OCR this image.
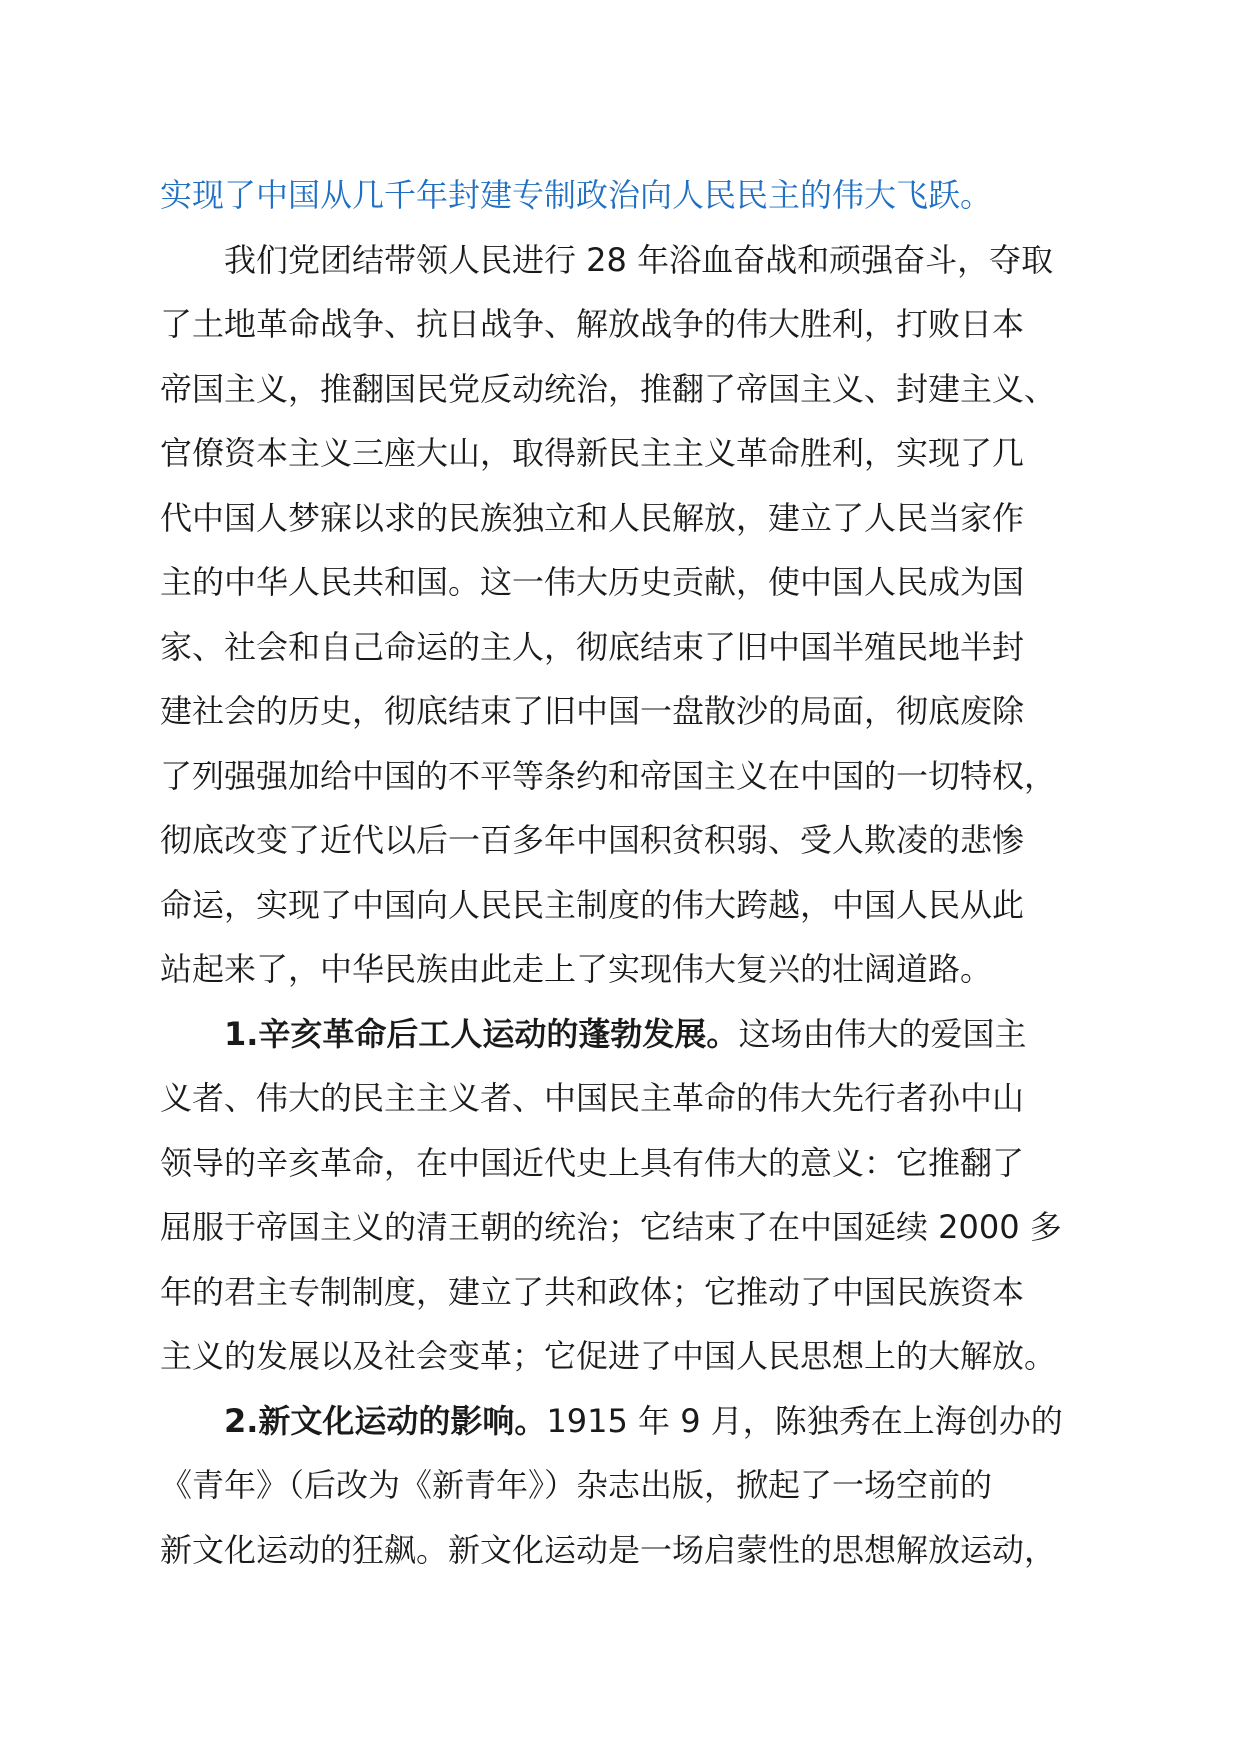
实现了中国从几千年封建专制政治向人民民主的伟大飞跃。
我们党团结带领人民进行 28 年浴血奋战和顽强奋斗，夺取
了土地革命战争、抗日战争、解放战争的伟大胜利，打败日本
帝国主义，推翻国民党反动统治，推翻了帝国主义、封建主义、
官僚资本主义三座大山，取得新民主主义革命胜利，实现了几
代中国人梦寐以求的民族独立和人民解放，建立了人民当家作
主的中华人民共和国。这一伟大历史贡献，使中国人民成为国
家、社会和自己命运的主人，彻底结束了旧中国半殖民地半封
建社会的历史，彻底结束了旧中国一盘散沙的局面，彻底废除
了列强强加给中国的不平等条约和帝国主义在中国的一切特权，
彻底改变了近代以后一百多年中国积贫积弱、受人欺凌的悲惨
命运，实现了中国向人民民主制度的伟大跨越，中国人民从此
站起来了，中华民族由此走上了实现伟大复兴的壮阔道路。
1.辛亥革命后工人运动的蓬勃发展。这场由伟大的爱国主
义者、伟大的民主主义者、中国民主革命的伟大先行者孙中山
领导的辛亥革命，在中国近代史上具有伟大的意义：它推翻了
屈服于帝国主义的清王朝的统治；它结束了在中国延续 2000 多
年的君主专制制度，建立了共和政体；它推动了中国民族资本
主义的发展以及社会变革；它促进了中国人民思想上的大解放。
2.新文化运动的影响。1915 年 9 月，陈独秀在上海创办的
《青年》（后改为《新青年》）杂志出版，掀起了一场空前的
新文化运动的狂飙。新文化运动是一场启蒙性的思想解放运动，
